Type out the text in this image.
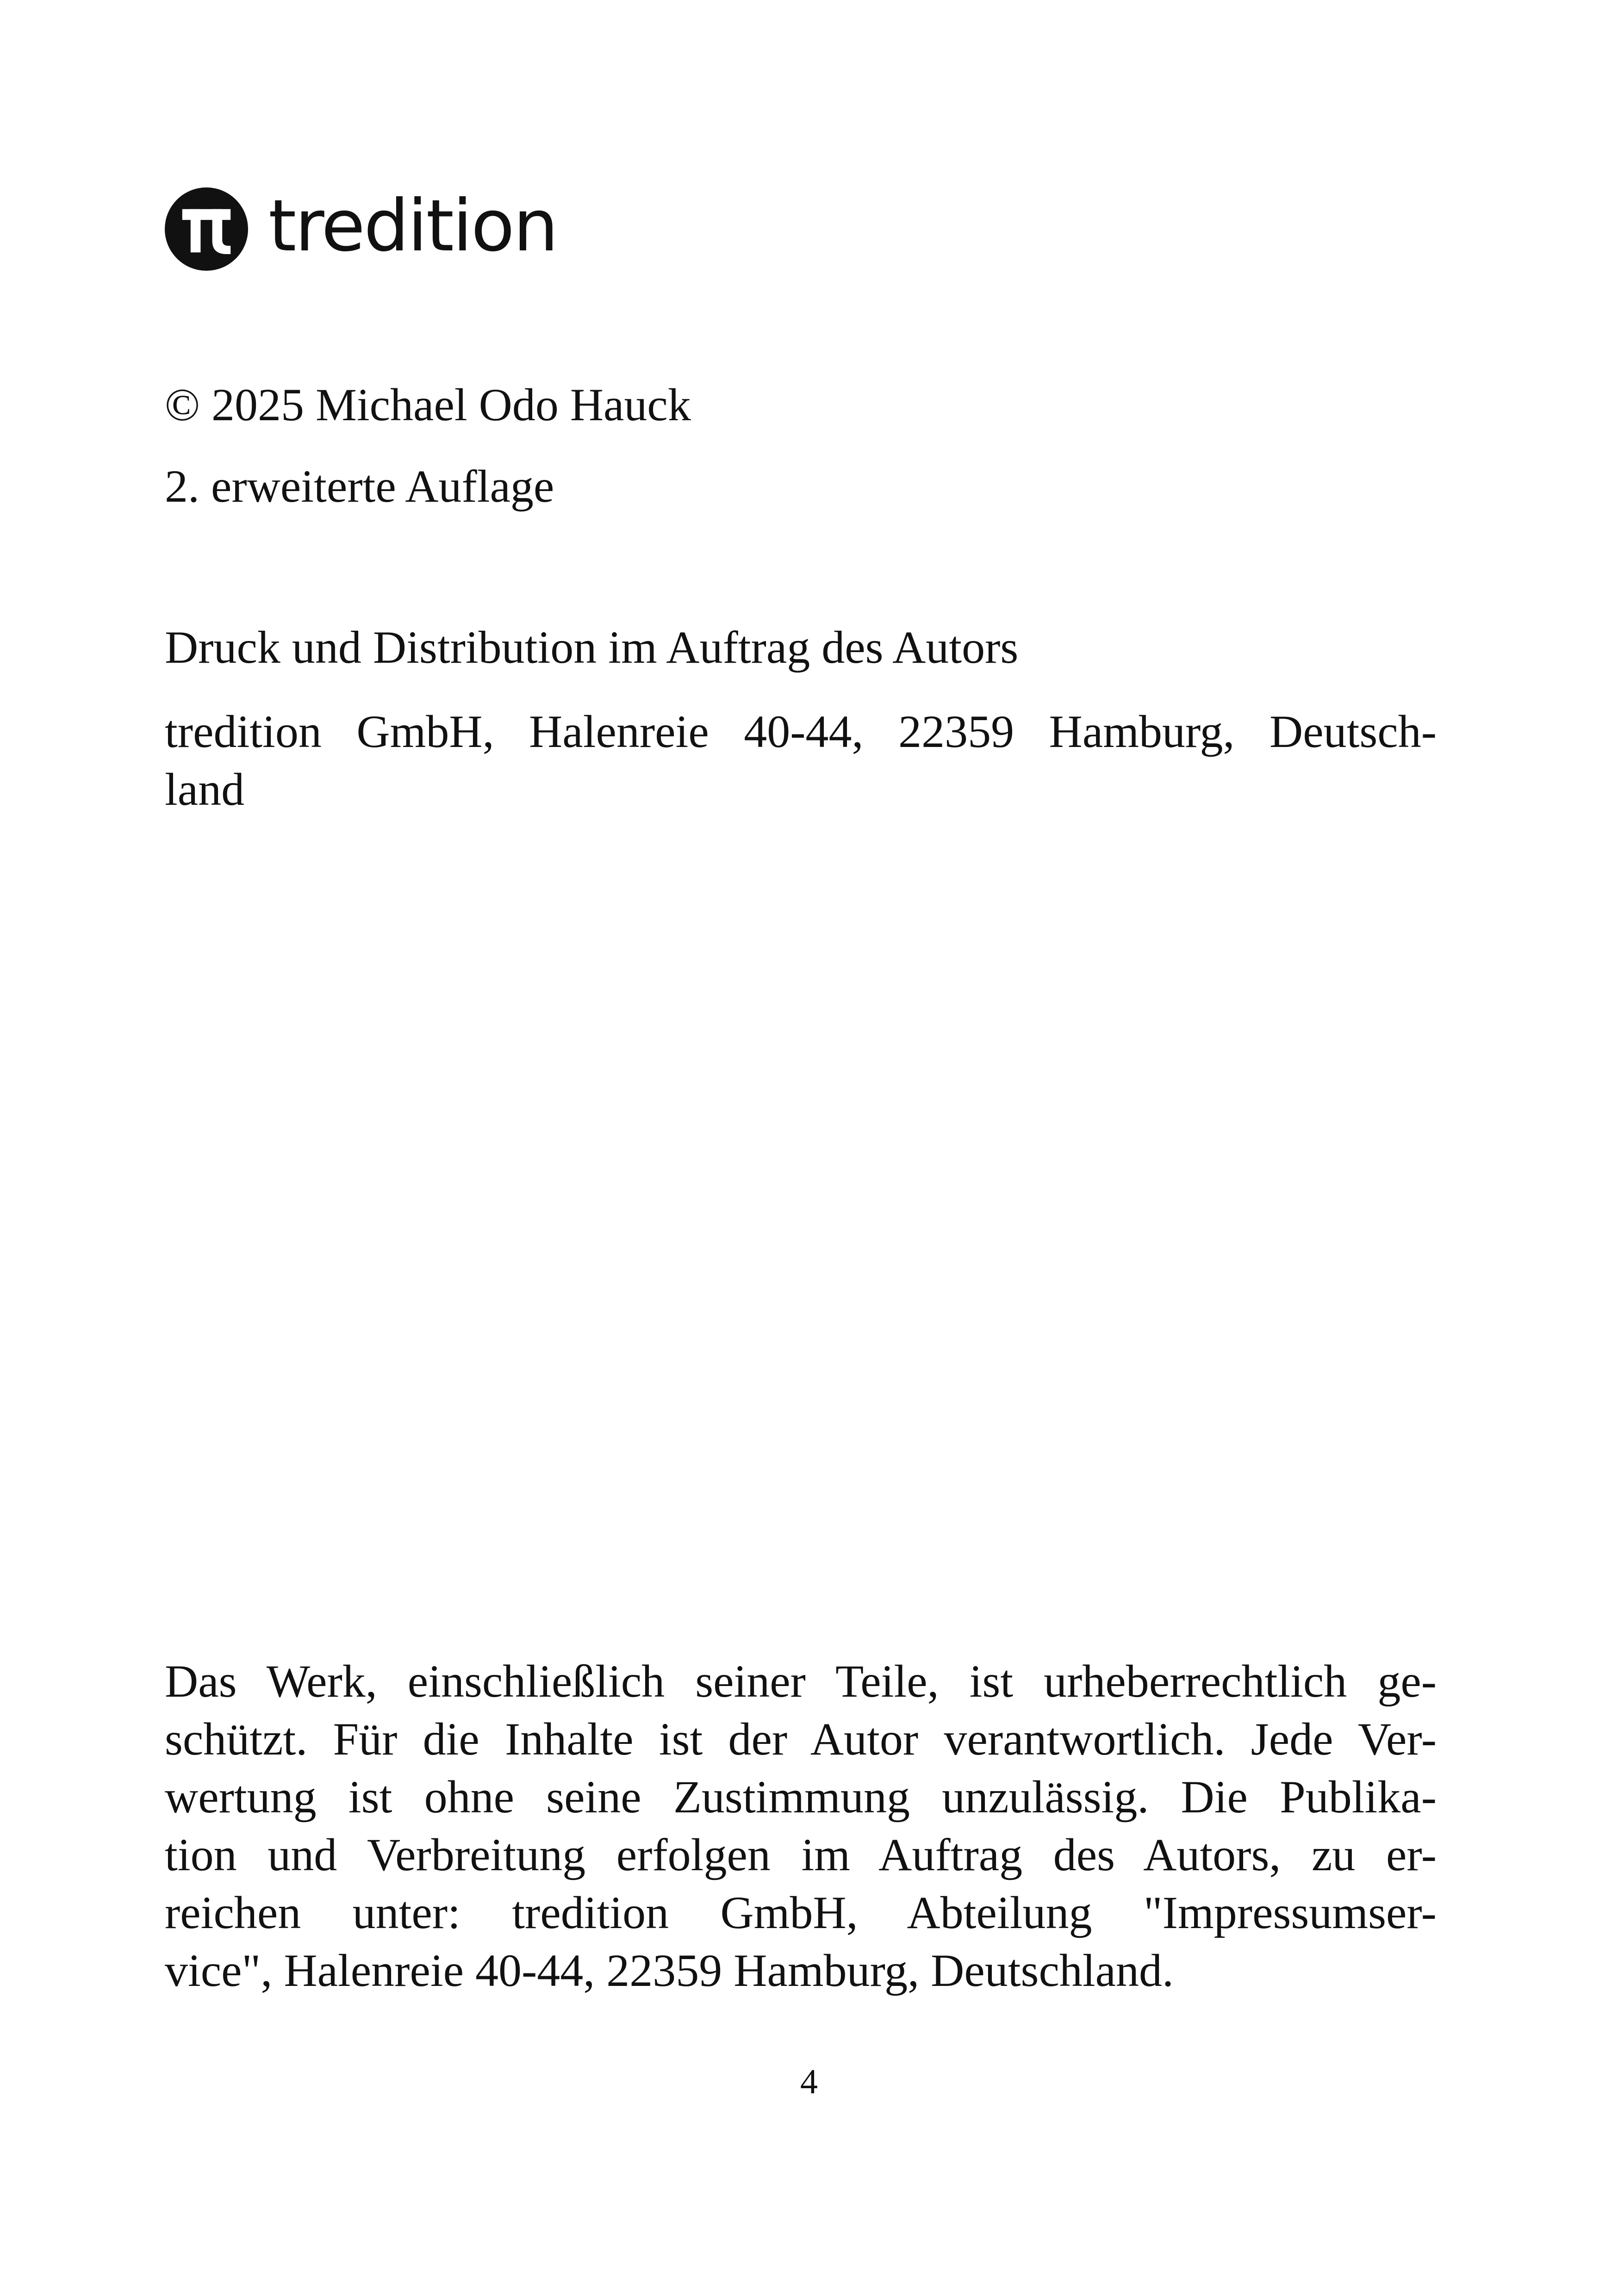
tredition
© 2025 Michael Odo Hauck
2. erweiterte Auflage
Druck und Distribution im Auftrag des Autors
tredition GmbH, Halenreie 40-44, 22359 Hamburg, Deutsch-
land
Das Werk, einschließlich seiner Teile, ist urheberrechtlich ge-
schützt. Für die Inhalte ist der Autor verantwortlich. Jede Ver-
wertung ist ohne seine Zustimmung unzulässig. Die Publika-
tion und Verbreitung erfolgen im Auftrag des Autors, zu er-
reichen unter: tredition GmbH, Abteilung "Impressumser-
vice", Halenreie 40-44, 22359 Hamburg, Deutschland.
4
